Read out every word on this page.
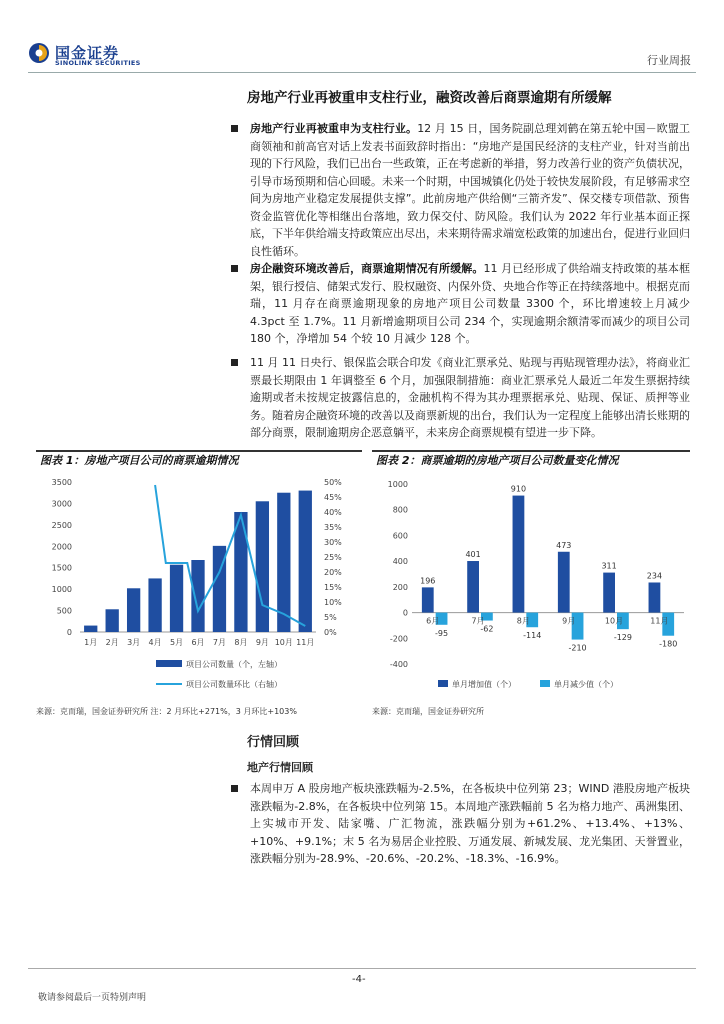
国金证券
SINOLINK SECURITIES	行业周报
房地产行业再被重申支柱行业，融资改善后商票逾期有所缓解
房地产行业再被重申为支柱行业。12 月 15 日，国务院副总理刘鹤在第五轮中国－欧盟工商领袖和前高官对话上发表书面致辞时指出：“房地产是国民经济的支柱产业，针对当前出现的下行风险，我们已出台一些政策，正在考虑新的举措，努力改善行业的资产负债状况，引导市场预期和信心回暖。未来一个时期，中国城镇化仍处于较快发展阶段，有足够需求空间为房地产业稳定发展提供支撑”。此前房地产供给侧“三箭齐发”、保交楼专项借款、预售资金监管优化等相继出台落地，致力保交付、防风险。我们认为 2022 年行业基本面正探底，下半年供给端支持政策应出尽出，未来期待需求端宽松政策的加速出台，促进行业回归良性循环。
房企融资环境改善后，商票逾期情况有所缓解。11 月已经形成了供给端支持政策的基本框架，银行授信、储架式发行、股权融资、内保外贷、央地合作等正在持续落地中。根据克而瑞，11 月存在商票逾期现象的房地产项目公司数量 3300 个，环比增速较上月减少 4.3pct 至 1.7%。11 月新增逾期项目公司 234 个，实现逾期余额清零而减少的项目公司 180 个，净增加 54 个较 10 月减少 128 个。
11 月 11 日央行、银保监会联合印发《商业汇票承兑、贴现与再贴现管理办法》，将商业汇票最长期限由 1 年调整至 6 个月，加强限制措施：商业汇票承兑人最近二年发生票据持续逾期或者未按规定披露信息的，金融机构不得为其办理票据承兑、贴现、保证、质押等业务。随着房企融资环境的改善以及商票新规的出台，我们认为一定程度上能够出清长账期的部分商票，限制逾期房企恶意躺平，未来房企商票规模有望进一步下降。
图表 1：房地产项目公司的商票逾期情况
0
500
1000
1500
2000
2500
3000
3500
0%
5%
10%
15%
20%
25%
30%
35%
40%
45%
50%
1月 2月 3月 4月 5月 6月 7月 8月 9月 10月 11月
项目公司数量（个，左轴）
项目公司数量环比（右轴）
来源：克而瑞，国金证券研究所 注：2 月环比+271%，3 月环比+103%
图表 2：商票逾期的房地产项目公司数量变化情况
-400
-200
0
200
400
600
800
1000
196
-95
6月
401
-62
7月
910
-114
8月
473
-210
9月
311
-129
10月
234
-180
11月
单月增加值（个）	单月减少值（个）
来源：克而瑞，国金证券研究所
行情回顾
地产行情回顾
本周申万 A 股房地产板块涨跌幅为-2.5%，在各板块中位列第 23；WIND 港股房地产板块涨跌幅为-2.8%，在各板块中位列第 15。本周地产涨跌幅前 5 名为格力地产、禹洲集团、上实城市开发、陆家嘴、广汇物流，涨跌幅分别为+61.2%、+13.4%、+13%、+10%、+9.1%；末 5 名为易居企业控股、万通发展、新城发展、龙光集团、天誉置业，涨跌幅分别为-28.9%、-20.6%、-20.2%、-18.3%、-16.9%。
-4-
敬请参阅最后一页特别声明
